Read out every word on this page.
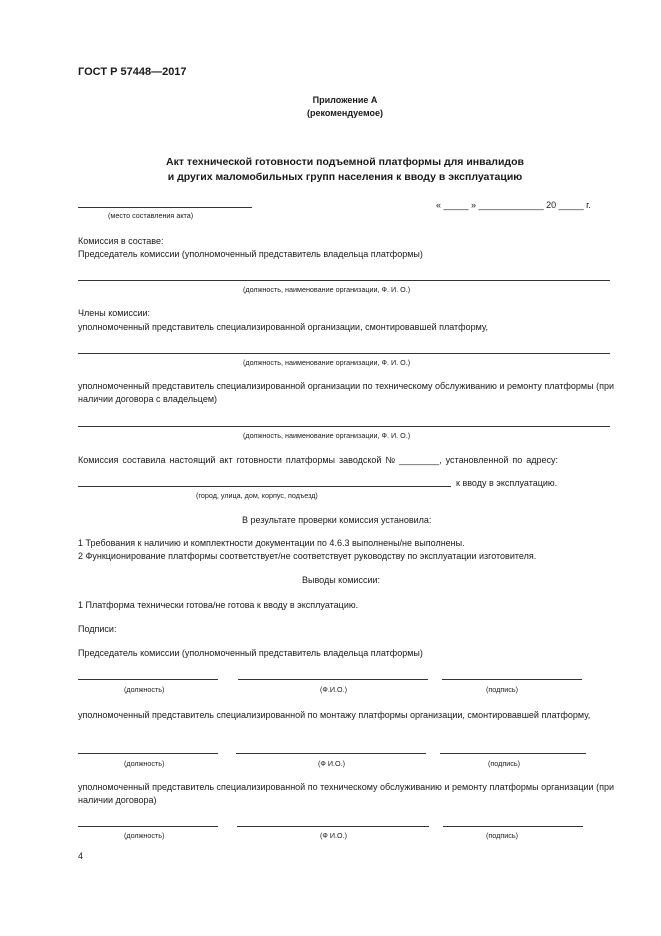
ГОСТ Р 57448—2017
Приложение А
(рекомендуемое)
Акт технической готовности подъемной платформы для инвалидов
и других маломобильных групп населения к вводу в эксплуатацию
(место составления акта)
« _____ » _____________ 20 _____ г.
Комиссия в составе:
Председатель комиссии (уполномоченный представитель владельца платформы)
(должность, наименование организации, Ф. И. О.)
Члены комиссии:
уполномоченный представитель специализированной организации, смонтировавшей платформу,
(должность, наименование организации, Ф. И. О.)
уполномоченный представитель специализированной организации по техническому обслуживанию и ремонту платформы (при наличии договора с владельцем)
(должность, наименование организации, Ф. И. О.)
Комиссия составила настоящий акт готовности платформы заводской № ________, установленной по адресу:
к вводу в эксплуатацию.
(город, улица, дом, корпус, подъезд)
В результате проверки комиссия установила:
1 Требования к наличию и комплектности документации по 4.6.3 выполнены/не выполнены.
2 Функционирование платформы соответствует/не соответствует руководству по эксплуатации изготовителя.
Выводы комиссии:
1 Платформа технически готова/не готова к вводу в эксплуатацию.
Подписи:
Председатель комиссии (уполномоченный представитель владельца платформы)
(должность)	(Ф.И.О.)	(подпись)
уполномоченный представитель специализированной по монтажу платформы организации, смонтировавшей платформу,
(должность)	(Ф И.О.)	(подпись)
уполномоченный представитель специализированной по техническому обслуживанию и ремонту платформы организации (при наличии договора)
(должность)	(Ф И.О.)	(подпись)
4
